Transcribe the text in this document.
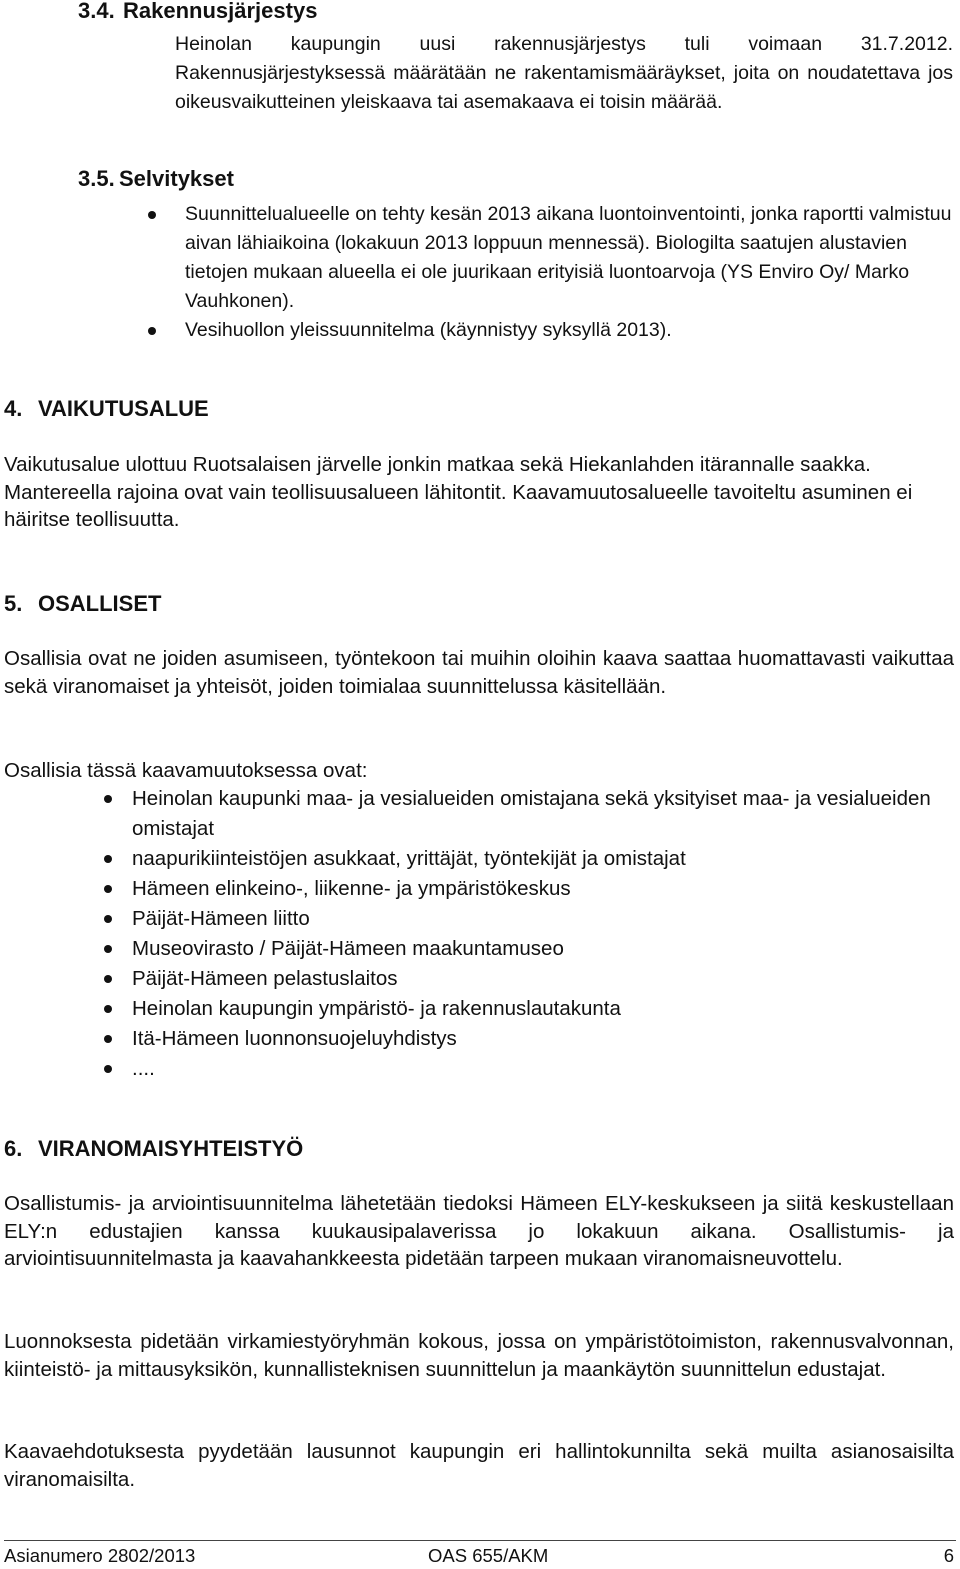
3.4. Rakennusjärjestys

Heinolan kaupungin uusi rakennusjärjestys tuli voimaan 31.7.2012. Rakennusjärjestyksessä määrätään ne rakentamismääräykset, joita on noudatettava jos oikeusvaikutteinen yleiskaava tai asemakaava ei toisin määrää.

3.5. Selvitykset
Suunnittelualueelle on tehty kesän 2013 aikana luontoinventointi, jonka raportti valmistuu aivan lähiaikoina (lokakuun 2013 loppuun mennessä). Biologilta saatujen alustavien tietojen mukaan alueella ei ole juurikaan erityisiä luontoarvoja (YS Enviro Oy/ Marko Vauhkonen).
Vesihuollon yleissuunnitelma (käynnistyy syksyllä 2013).
4. VAIKUTUSALUE

Vaikutusalue ulottuu Ruotsalaisen järvelle jonkin matkaa sekä Hiekanlahden itärannalle saakka. Mantereella rajoina ovat vain teollisuusalueen lähitontit. Kaavamuutosalueelle tavoiteltu asuminen ei häiritse teollisuutta.

5. OSALLISET

Osallisia ovat ne joiden asumiseen, työntekoon tai muihin oloihin kaava saattaa huomattavasti vaikuttaa sekä viranomaiset ja yhteisöt, joiden toimialaa suunnittelussa käsitellään.

Osallisia tässä kaavamuutoksessa ovat:

Heinolan kaupunki maa- ja vesialueiden omistajana sekä yksityiset maa- ja vesialueiden omistajat
naapurikiinteistöjen asukkaat, yrittäjät, työntekijät ja omistajat
Hämeen elinkeino-, liikenne- ja ympäristökeskus
Päijät-Hämeen liitto
Museovirasto / Päijät-Hämeen maakuntamuseo
Päijät-Hämeen pelastuslaitos
Heinolan kaupungin ympäristö- ja rakennuslautakunta
Itä-Hämeen luonnonsuojeluyhdistys
....
6. VIRANOMAISYHTEISTYÖ

Osallistumis- ja arviointisuunnitelma lähetetään tiedoksi Hämeen ELY-keskukseen ja siitä keskustellaan ELY:n edustajien kanssa kuukausipalaverissa jo lokakuun aikana. Osallistumis- ja arviointisuunnitelmasta ja kaavahankkeesta pidetään tarpeen mukaan viranomaisneuvottelu.

Luonnoksesta pidetään virkamiestyöryhmän kokous, jossa on ympäristötoimiston, rakennusvalvonnan, kiinteistö- ja mittausyksikön, kunnallisteknisen suunnittelun ja maankäytön suunnittelun edustajat.

Kaavaehdotuksesta pyydetään lausunnot kaupungin eri hallintokunnilta sekä muilta asianosaisilta viranomaisilta.

Asianumero 2802/2013	OAS 655/AKM	6
